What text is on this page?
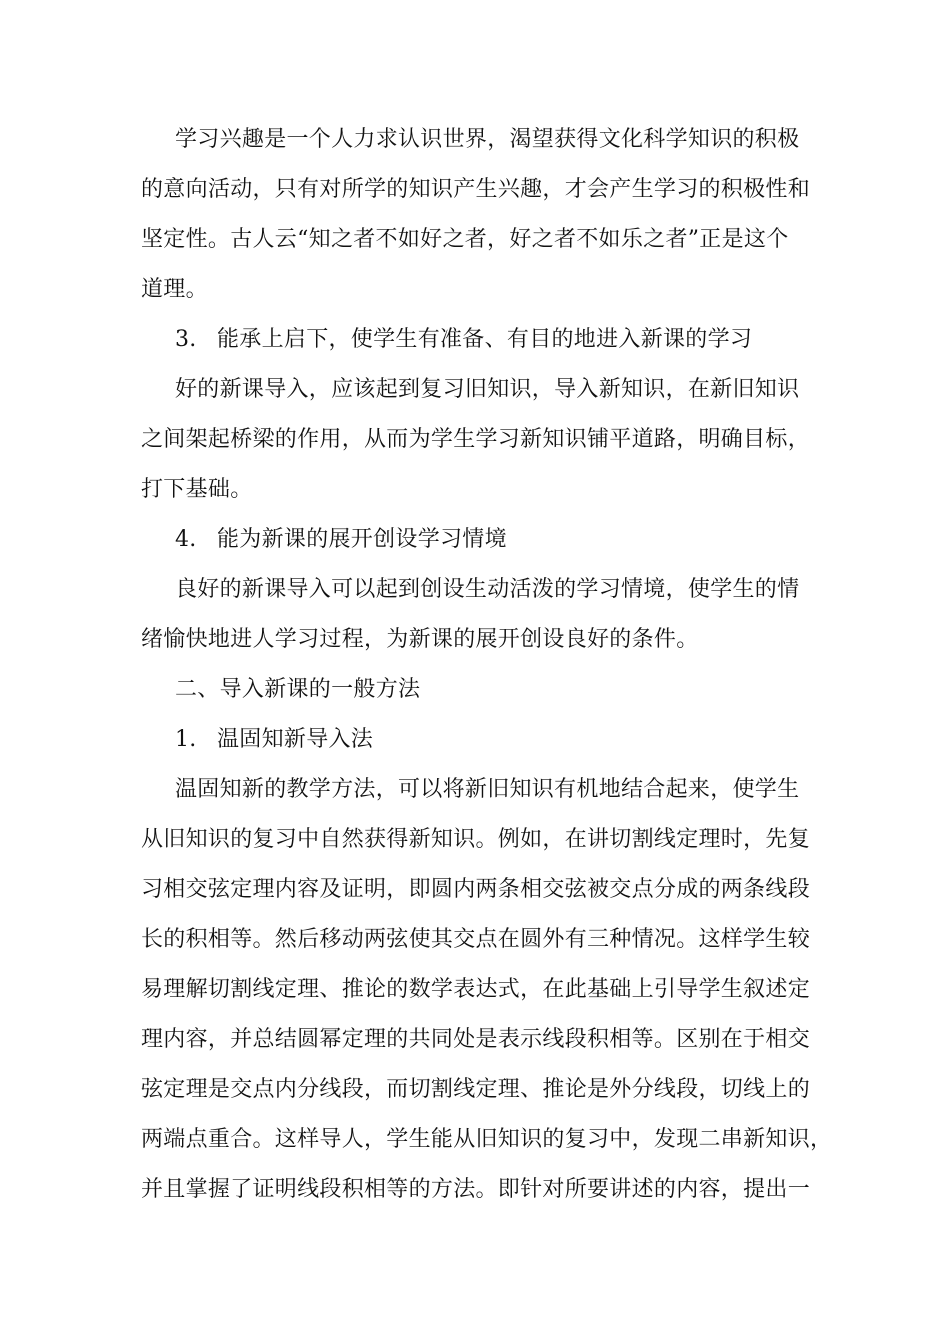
学习兴趣是一个人力求认识世界，渴望获得文化科学知识的积极
的意向活动，只有对所学的知识产生兴趣，才会产生学习的积极性和
坚定性。古人云“知之者不如好之者，好之者不如乐之者”正是这个
道理。
3. 能承上启下，使学生有准备、有目的地进入新课的学习
好的新课导入，应该起到复习旧知识，导入新知识，在新旧知识
之间架起桥梁的作用，从而为学生学习新知识铺平道路，明确目标，
打下基础。
4. 能为新课的展开创设学习情境
良好的新课导入可以起到创设生动活泼的学习情境，使学生的情
绪愉快地进人学习过程，为新课的展开创设良好的条件。
二、导入新课的一般方法
1. 温固知新导入法
温固知新的教学方法，可以将新旧知识有机地结合起来，使学生
从旧知识的复习中自然获得新知识。例如，在讲切割线定理时，先复
习相交弦定理内容及证明，即圆内两条相交弦被交点分成的两条线段
长的积相等。然后移动两弦使其交点在圆外有三种情况。这样学生较
易理解切割线定理、推论的数学表达式，在此基础上引导学生叙述定
理内容，并总结圆幂定理的共同处是表示线段积相等。区别在于相交
弦定理是交点内分线段，而切割线定理、推论是外分线段，切线上的
两端点重合。这样导人，学生能从旧知识的复习中，发现二串新知识，
并且掌握了证明线段积相等的方法。即针对所要讲述的内容，提出一
